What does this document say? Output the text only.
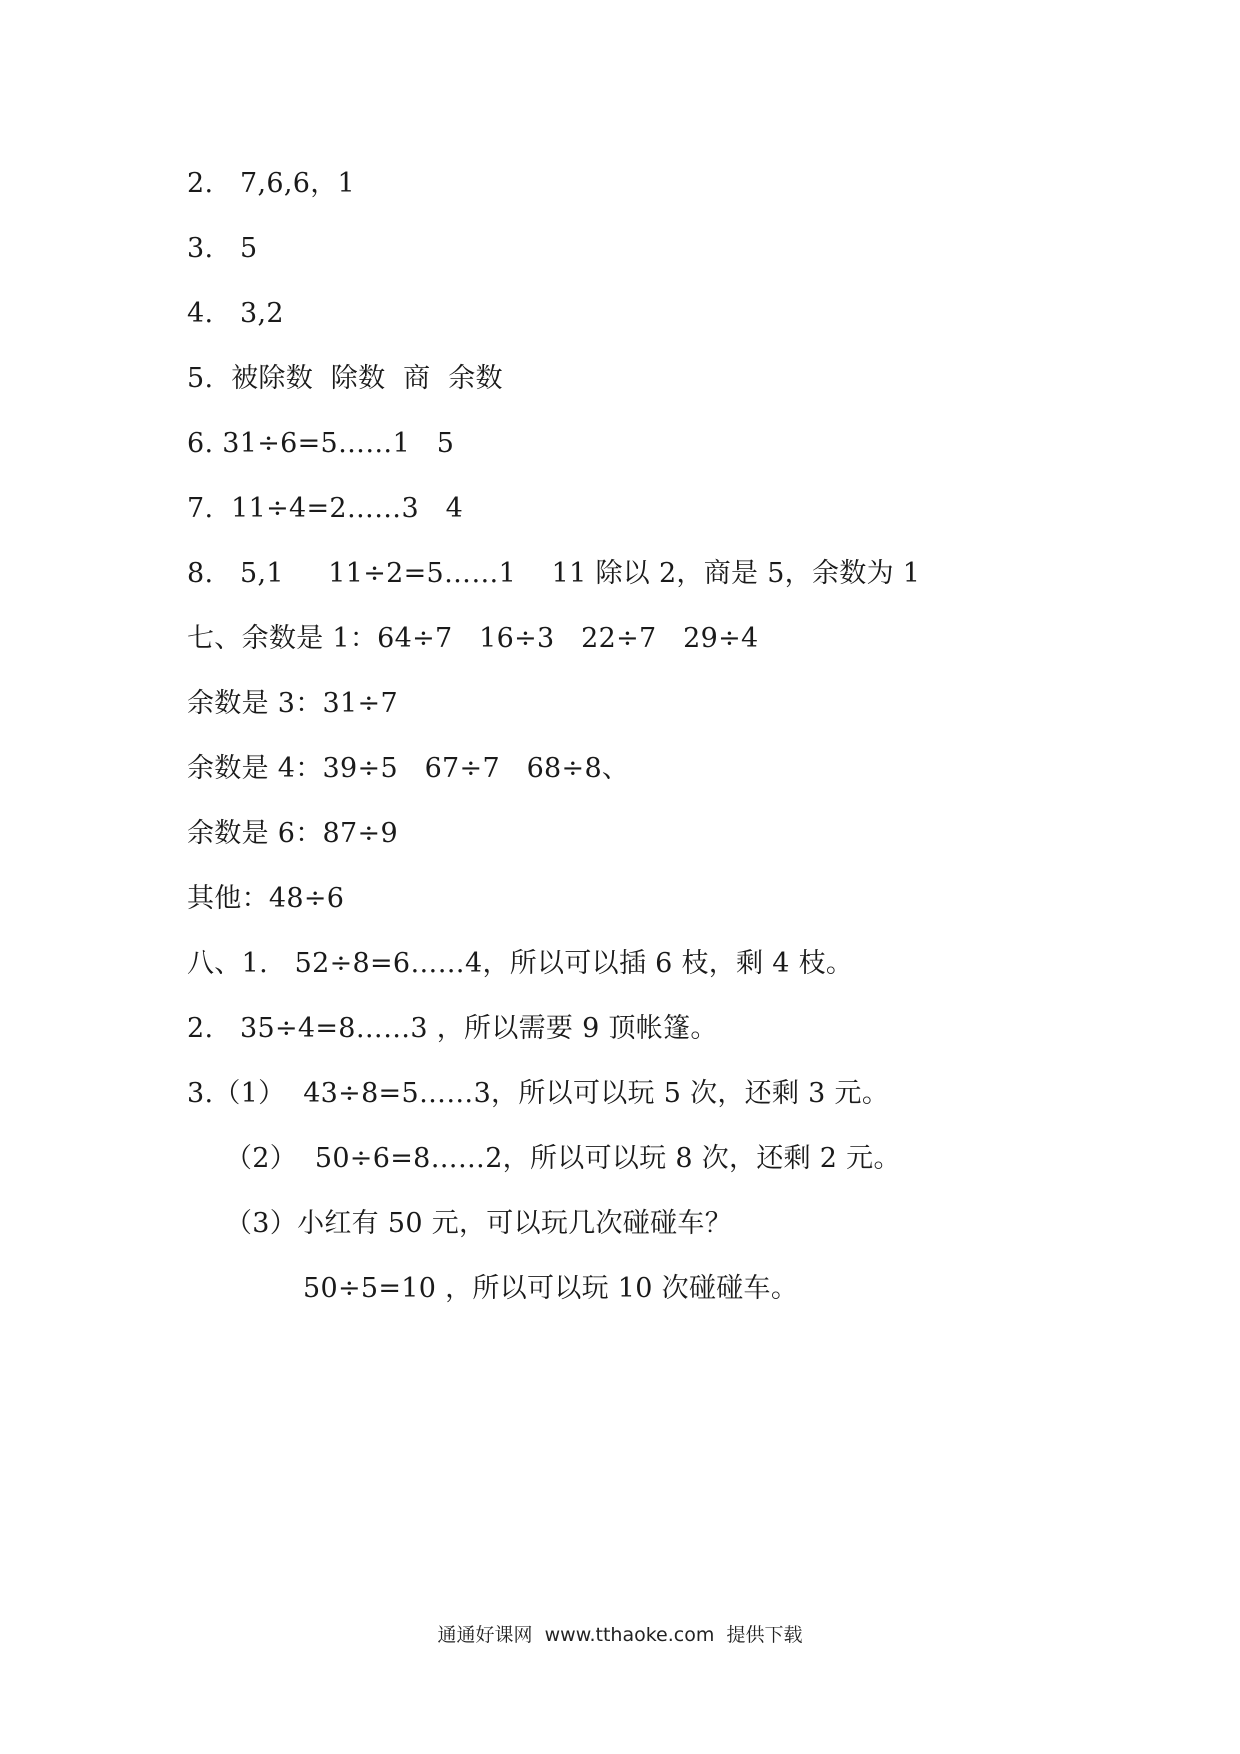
2.   7,6,6，1
3.   5
4.   3,2
5.  被除数  除数  商  余数
6. 31÷6=5……1   5
7.  11÷4=2……3   4
8.   5,1     11÷2=5……1    11 除以 2，商是 5，余数为 1
七、余数是 1：64÷7   16÷3   22÷7   29÷4
余数是 3：31÷7
余数是 4：39÷5   67÷7   68÷8、
余数是 6：87÷9
其他：48÷6
八、1.   52÷8=6……4，所以可以插 6 枝，剩 4 枝。
2.   35÷4=8……3 ，所以需要 9 顶帐篷。
3.（1）  43÷8=5……3，所以可以玩 5 次，还剩 3 元。
（2）  50÷6=8……2，所以可以玩 8 次，还剩 2 元。
（3）小红有 50 元，可以玩几次碰碰车？
50÷5=10 ，所以可以玩 10 次碰碰车。
通通好课网  www.tthaoke.com  提供下载
